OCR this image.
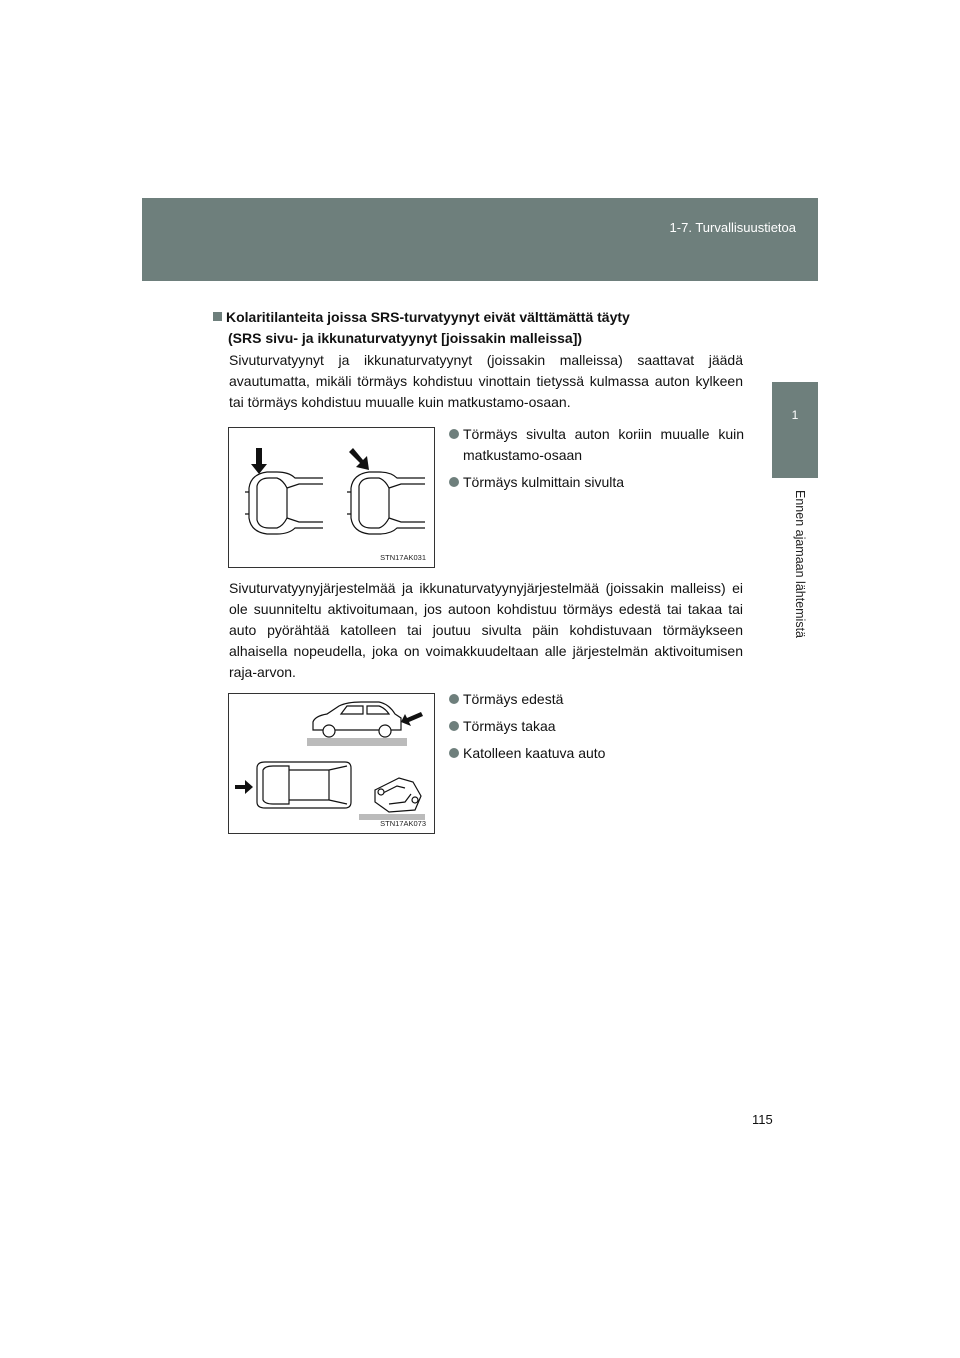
1-7. Turvallisuustietoa
1
Ennen ajamaan lähtemistä
Kolaritilanteita joissa SRS-turvatyynyt eivät välttämättä täyty
(SRS sivu- ja ikkunaturvatyynyt [joissakin malleissa])
Sivuturvatyynyt ja ikkunaturvatyynyt (joissakin malleissa) saattavat jäädä avautumatta, mikäli törmäys kohdistuu vinottain tietyssä kulmassa auton kylkeen tai törmäys kohdistuu muualle kuin matkustamo-osaan.
STN17AK031
Törmäys sivulta auton koriin muualle kuin matkustamo-osaan
Törmäys kulmittain sivulta
Sivuturvatyynyjärjestelmää ja ikkunaturvatyynyjärjestelmää (joissakin malleiss) ei ole suunniteltu aktivoitumaan, jos autoon kohdistuu törmäys edestä tai takaa tai auto pyörähtää katolleen tai joutuu sivulta päin kohdistuvaan törmäykseen alhaisella nopeudella, joka on voimakkuudeltaan alle järjestelmän aktivoitumisen raja-arvon.
STN17AK073
Törmäys edestä
Törmäys takaa
Katolleen kaatuva auto
115
